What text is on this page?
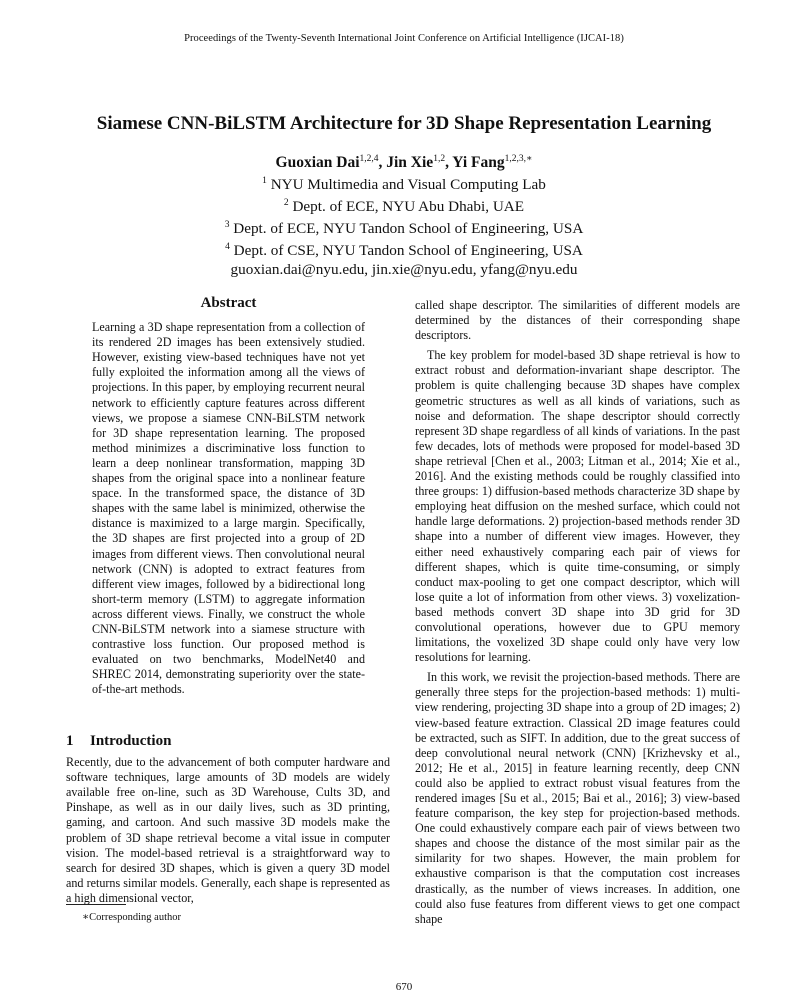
Proceedings of the Twenty-Seventh International Joint Conference on Artificial Intelligence (IJCAI-18)
Siamese CNN-BiLSTM Architecture for 3D Shape Representation Learning
Guoxian Dai$^{1,2,4}$, Jin Xie$^{1,2}$, Yi Fang$^{1,2,3,∗}$
$^1$ NYU Multimedia and Visual Computing Lab
$^2$ Dept. of ECE, NYU Abu Dhabi, UAE
$^3$ Dept. of ECE, NYU Tandon School of Engineering, USA
$^4$ Dept. of CSE, NYU Tandon School of Engineering, USA
guoxian.dai@nyu.edu, jin.xie@nyu.edu, yfang@nyu.edu

Abstract

Learning a 3D shape representation from a collection of its rendered 2D images has been extensively studied. However, existing view-based techniques have not yet fully exploited the information among all the views of projections. In this paper, by employing recurrent neural network to efficiently capture features across different views, we propose a siamese CNN-BiLSTM network for 3D shape representation learning. The proposed method minimizes a discriminative loss function to learn a deep nonlinear transformation, mapping 3D shapes from the original space into a nonlinear feature space. In the transformed space, the distance of 3D shapes with the same label is minimized, otherwise the distance is maximized to a large margin. Specifically, the 3D shapes are first projected into a group of 2D images from different views. Then convolutional neural network (CNN) is adopted to extract features from different view images, followed by a bidirectional long short-term memory (LSTM) to aggregate information across different views. Finally, we construct the whole CNN-BiLSTM network into a siamese structure with contrastive loss function. Our proposed method is evaluated on two benchmarks, ModelNet40 and SHREC 2014, demonstrating superiority over the state-of-the-art methods.

1 Introduction

Recently, due to the advancement of both computer hardware and software techniques, large amounts of 3D models are widely available free on-line, such as 3D Warehouse, Cults 3D, and Pinshape, as well as in our daily lives, such as 3D printing, gaming, and cartoon. And such massive 3D models make the problem of 3D shape retrieval become a vital issue in computer vision. The model-based retrieval is a straightforward way to search for desired 3D shapes, which is given a query 3D model and returns similar models. Generally, each shape is represented as a high dimensional vector,

called shape descriptor. The similarities of different models are determined by the distances of their corresponding shape descriptors.

The key problem for model-based 3D shape retrieval is how to extract robust and deformation-invariant shape descriptor. The problem is quite challenging because 3D shapes have complex geometric structures as well as all kinds of variations, such as noise and deformation. The shape descriptor should correctly represent 3D shape regardless of all kinds of variations. In the past few decades, lots of methods were proposed for model-based 3D shape retrieval [Chen et al., 2003; Litman et al., 2014; Xie et al., 2016]. And the existing methods could be roughly classified into three groups: 1) diffusion-based methods characterize 3D shape by employing heat diffusion on the meshed surface, which could not handle large deformations. 2) projection-based methods render 3D shape into a number of different view images. However, they either need exhaustively comparing each pair of views for different shapes, which is quite time-consuming, or simply conduct max-pooling to get one compact descriptor, which will lose quite a lot of information from other views. 3) voxelization-based methods convert 3D shape into 3D grid for 3D convolutional operations, however due to GPU memory limitations, the voxelized 3D shape could only have very low resolutions for learning.

In this work, we revisit the projection-based methods. There are generally three steps for the projection-based methods: 1) multi-view rendering, projecting 3D shape into a group of 2D images; 2) view-based feature extraction. Classical 2D image features could be extracted, such as SIFT. In addition, due to the great success of deep convolutional neural network (CNN) [Krizhevsky et al., 2012; He et al., 2015] in feature learning recently, deep CNN could also be applied to extract robust visual features from the rendered images [Su et al., 2015; Bai et al., 2016]; 3) view-based feature comparison, the key step for projection-based methods. One could exhaustively compare each pair of views between two shapes and choose the distance of the most similar pair as the similarity for two shapes. However, the main problem for exhaustive comparison is that the computation cost increases drastically, as the number of views increases. In addition, one could also fuse features from different views to get one compact shape

∗Corresponding author
670
